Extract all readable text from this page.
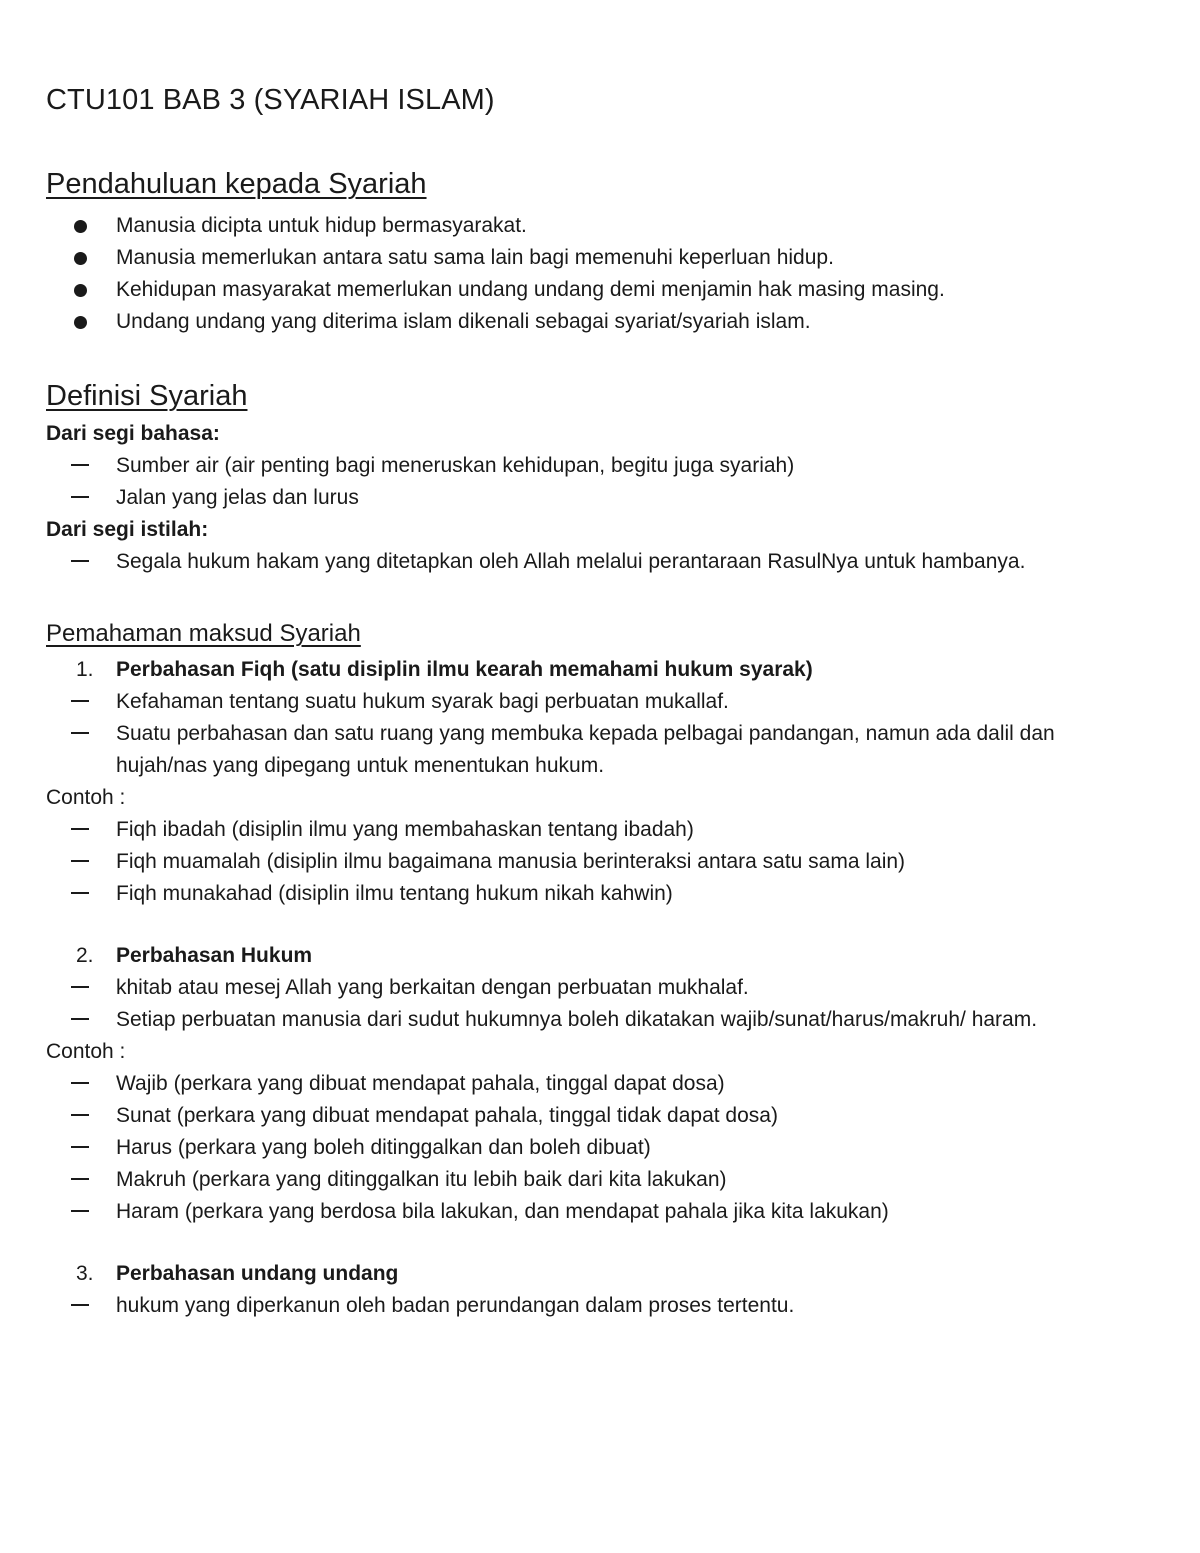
CTU101 BAB 3 (SYARIAH ISLAM)
Pendahuluan kepada Syariah
Manusia dicipta untuk hidup bermasyarakat.
Manusia memerlukan antara satu sama lain bagi memenuhi keperluan hidup.
Kehidupan masyarakat memerlukan undang undang demi menjamin hak masing masing.
Undang undang yang diterima islam dikenali sebagai syariat/syariah islam.
Definisi Syariah

Dari segi bahasa:

Sumber air (air penting bagi meneruskan kehidupan, begitu juga syariah)
Jalan yang jelas dan lurus

Dari segi istilah:

Segala hukum hakam yang ditetapkan oleh Allah melalui perantaraan RasulNya untuk hambanya.
Pemahaman maksud Syariah
1. Perbahasan Fiqh (satu disiplin ilmu kearah memahami hukum syarak)
Kefahaman tentang suatu hukum syarak bagi perbuatan mukallaf.
Suatu perbahasan dan satu ruang yang membuka kepada pelbagai pandangan, namun ada dalil dan hujah/nas yang dipegang untuk menentukan hukum.

Contoh :

Fiqh ibadah (disiplin ilmu yang membahaskan tentang ibadah)
Fiqh muamalah (disiplin ilmu bagaimana manusia berinteraksi antara satu sama lain)
Fiqh munakahad (disiplin ilmu tentang hukum nikah kahwin)
2. Perbahasan Hukum
khitab atau mesej Allah yang berkaitan dengan perbuatan mukhalaf.
Setiap perbuatan manusia dari sudut hukumnya boleh dikatakan wajib/sunat/harus/makruh/ haram.

Contoh :

Wajib (perkara yang dibuat mendapat pahala, tinggal dapat dosa)
Sunat (perkara yang dibuat mendapat pahala, tinggal tidak dapat dosa)
Harus (perkara yang boleh ditinggalkan dan boleh dibuat)
Makruh (perkara yang ditinggalkan itu lebih baik dari kita lakukan)
Haram (perkara yang berdosa bila lakukan, dan mendapat pahala jika kita lakukan)
3. Perbahasan undang undang
hukum yang diperkanun oleh badan perundangan dalam proses tertentu.
